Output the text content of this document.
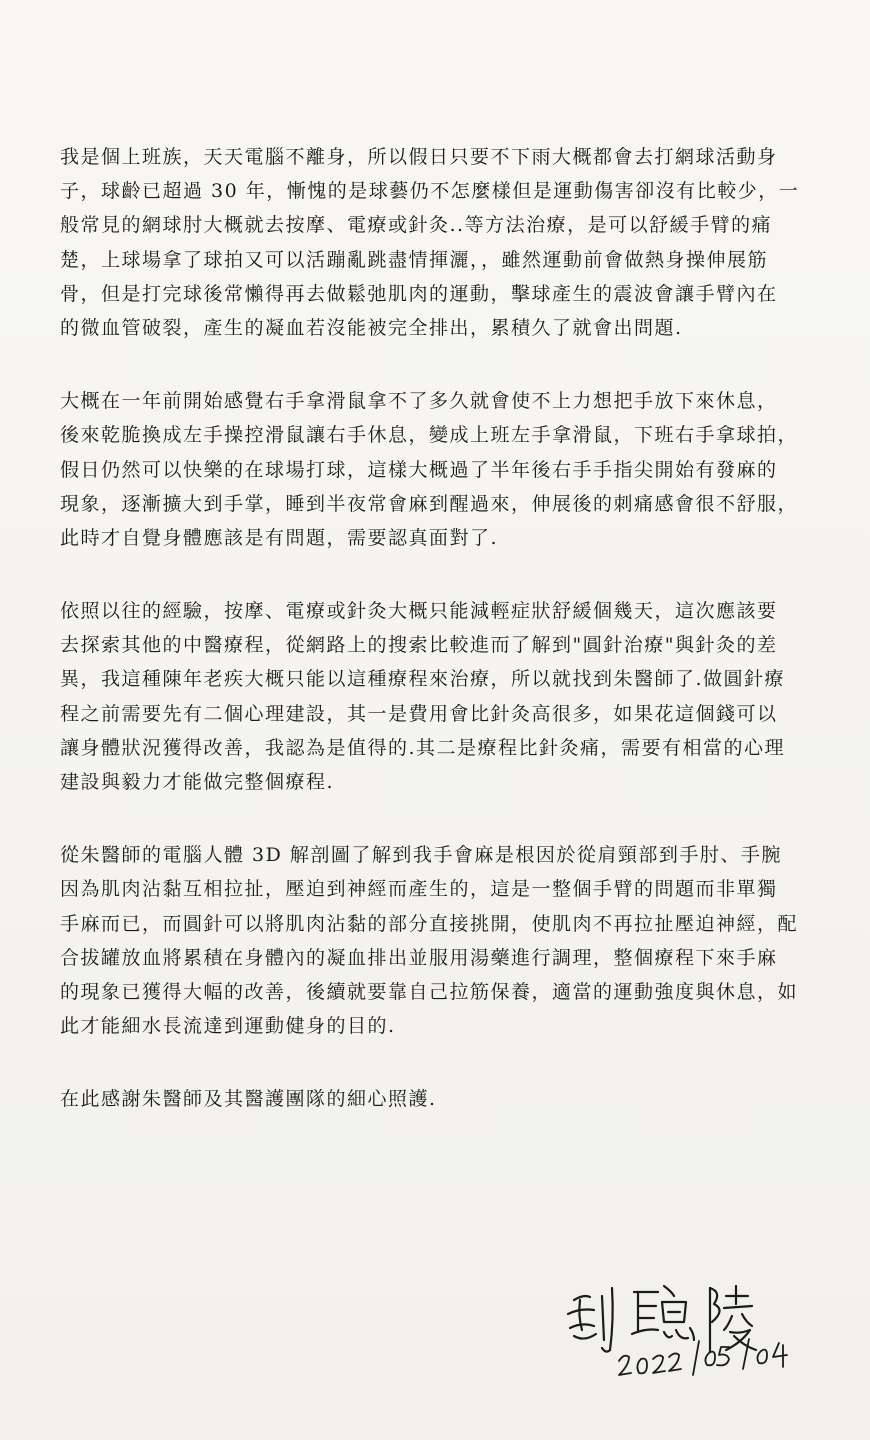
我是個上班族，天天電腦不離身，所以假日只要不下雨大概都會去打網球活動身
子，球齡已超過 30 年，慚愧的是球藝仍不怎麼樣但是運動傷害卻沒有比較少，一
般常見的網球肘大概就去按摩、電療或針灸..等方法治療，是可以舒緩手臂的痛
楚，上球場拿了球拍又可以活蹦亂跳盡情揮灑，，雖然運動前會做熱身操伸展筋
骨，但是打完球後常懶得再去做鬆弛肌肉的運動，擊球產生的震波會讓手臂內在
的微血管破裂，產生的凝血若沒能被完全排出，累積久了就會出問題.
大概在一年前開始感覺右手拿滑鼠拿不了多久就會使不上力想把手放下來休息，
後來乾脆換成左手操控滑鼠讓右手休息，變成上班左手拿滑鼠，下班右手拿球拍，
假日仍然可以快樂的在球場打球，這樣大概過了半年後右手手指尖開始有發麻的
現象，逐漸擴大到手掌，睡到半夜常會麻到醒過來，伸展後的刺痛感會很不舒服，
此時才自覺身體應該是有問題，需要認真面對了.
依照以往的經驗，按摩、電療或針灸大概只能減輕症狀舒緩個幾天，這次應該要
去探索其他的中醫療程，從網路上的搜索比較進而了解到"圓針治療"與針灸的差
異，我這種陳年老疾大概只能以這種療程來治療，所以就找到朱醫師了.做圓針療
程之前需要先有二個心理建設，其一是費用會比針灸高很多，如果花這個錢可以
讓身體狀況獲得改善，我認為是值得的.其二是療程比針灸痛，需要有相當的心理
建設與毅力才能做完整個療程.
從朱醫師的電腦人體 3D 解剖圖了解到我手會麻是根因於從肩頸部到手肘、手腕
因為肌肉沾黏互相拉扯，壓迫到神經而產生的，這是一整個手臂的問題而非單獨
手麻而已，而圓針可以將肌肉沾黏的部分直接挑開，使肌肉不再拉扯壓迫神經，配
合拔罐放血將累積在身體內的凝血排出並服用湯藥進行調理，整個療程下來手麻
的現象已獲得大幅的改善，後續就要靠自己拉筋保養，適當的運動強度與休息，如
此才能細水長流達到運動健身的目的.
在此感謝朱醫師及其醫護團隊的細心照護.
